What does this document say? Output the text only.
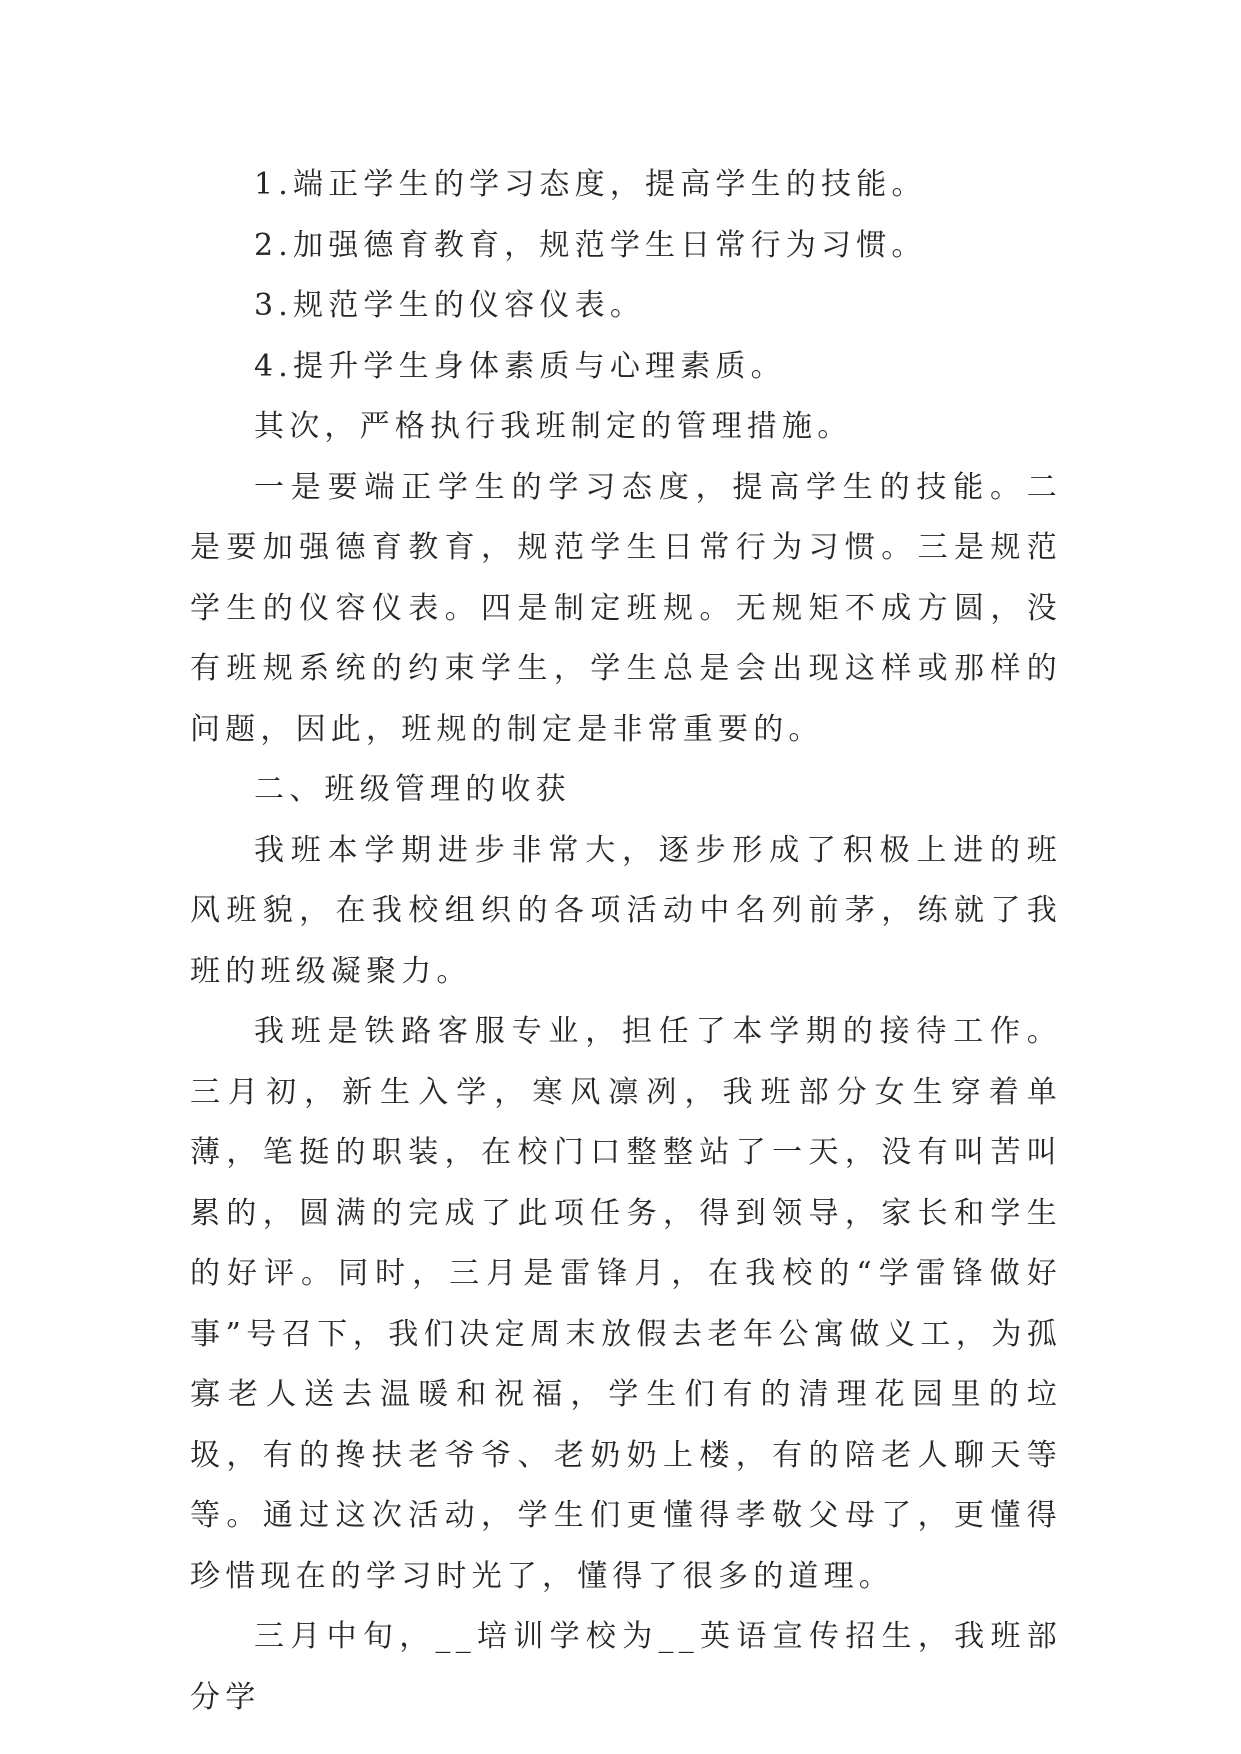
1.端正学生的学习态度，提高学生的技能。

2.加强德育教育，规范学生日常行为习惯。

3.规范学生的仪容仪表。

4.提升学生身体素质与心理素质。

其次，严格执行我班制定的管理措施。

一是要端正学生的学习态度，提高学生的技能。二是要加强德育教育，规范学生日常行为习惯。三是规范学生的仪容仪表。四是制定班规。无规矩不成方圆，没有班规系统的约束学生，学生总是会出现这样或那样的问题，因此，班规的制定是非常重要的。

二、班级管理的收获

我班本学期进步非常大，逐步形成了积极上进的班风班貌，在我校组织的各项活动中名列前茅，练就了我班的班级凝聚力。

我班是铁路客服专业，担任了本学期的接待工作。三月初，新生入学，寒风凛冽，我班部分女生穿着单薄，笔挺的职装，在校门口整整站了一天，没有叫苦叫累的，圆满的完成了此项任务，得到领导，家长和学生的好评。同时，三月是雷锋月，在我校的“学雷锋做好事”号召下，我们决定周末放假去老年公寓做义工，为孤寡老人送去温暖和祝福，学生们有的清理花园里的垃圾，有的搀扶老爷爷、老奶奶上楼，有的陪老人聊天等等。通过这次活动，学生们更懂得孝敬父母了，更懂得珍惜现在的学习时光了，懂得了很多的道理。

三月中旬，__培训学校为__英语宣传招生，我班部分学
